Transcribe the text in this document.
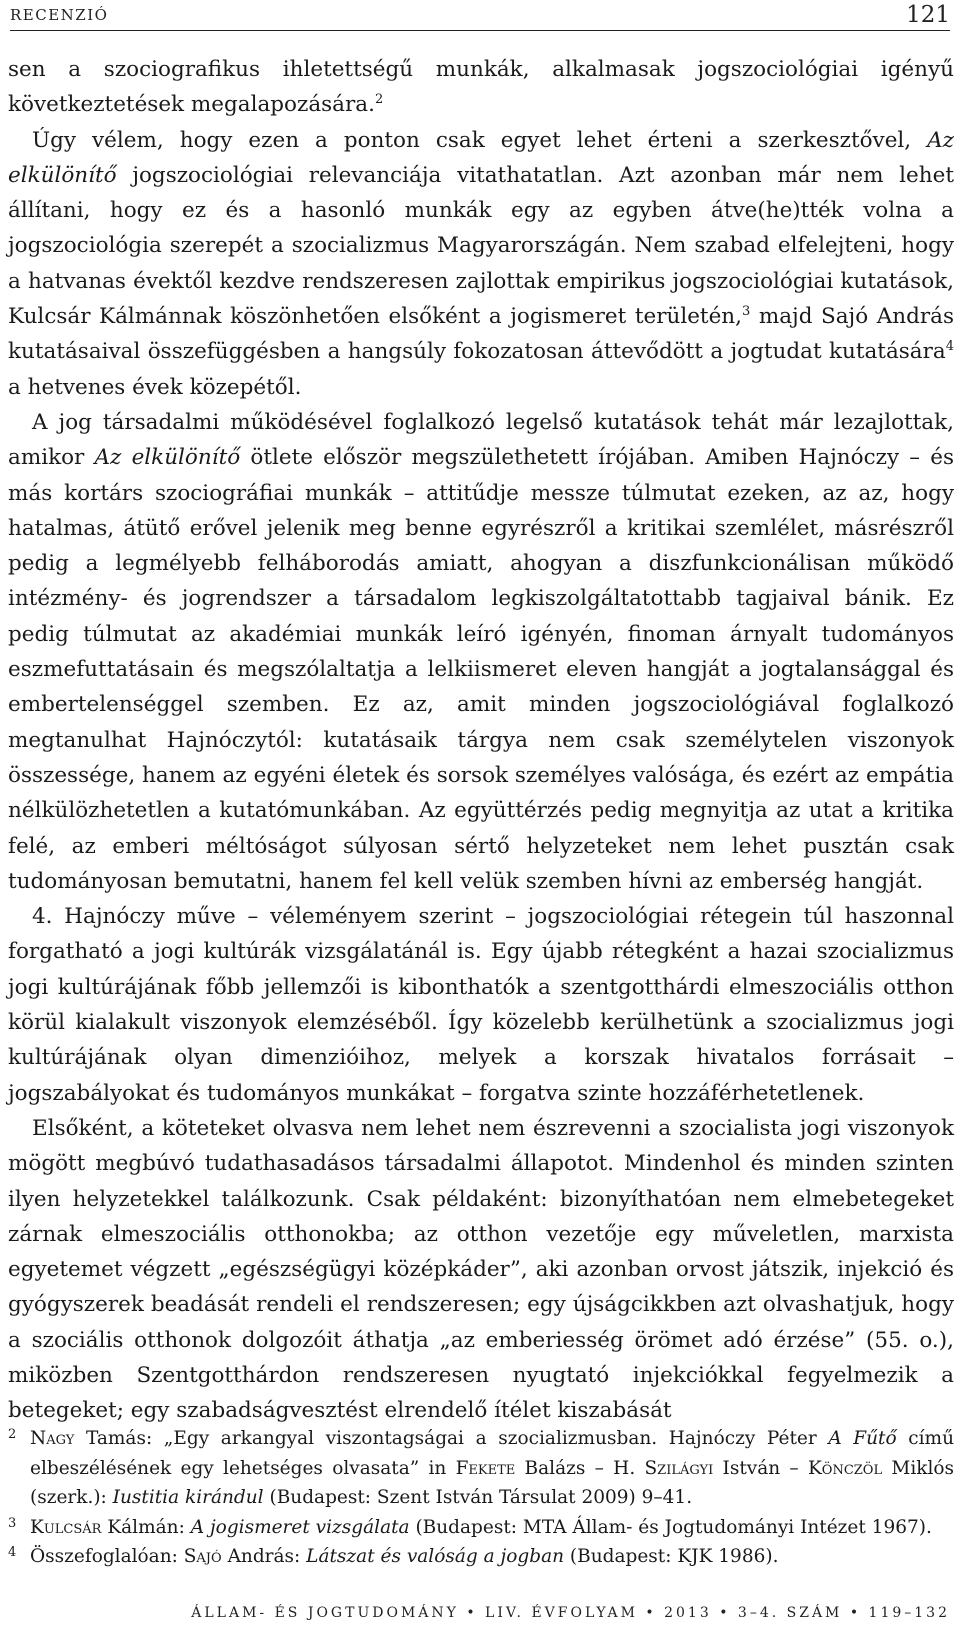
RECENZIÓ	121

sen a szociografikus ihletettségű munkák, alkalmasak jogszociológiai igényű következtetések megalapozására.$^2$

Úgy vélem, hogy ezen a ponton csak egyet lehet érteni a szerkesztővel, Az elkülönítő jogszociológiai relevanciája vitathatatlan. Azt azonban már nem lehet állítani, hogy ez és a hasonló munkák egy az egyben átve(he)tték volna a jogszociológia szerepét a szocializmus Magyarországán. Nem szabad elfelejteni, hogy a hatvanas évektől kezdve rendszeresen zajlottak empirikus jogszociológiai kutatások, Kulcsár Kálmánnak köszönhetően elsőként a jogismeret területén,$^3$ majd Sajó András kutatásaival összefüggésben a hangsúly fokozatosan áttevődött a jogtudat kutatására$^4$ a hetvenes évek közepétől.

A jog társadalmi működésével foglalkozó legelső kutatások tehát már lezajlottak, amikor Az elkülönítő ötlete először megszülethetett írójában. Amiben Hajnóczy – és más kortárs szociográfiai munkák – attitűdje messze túlmutat ezeken, az az, hogy hatalmas, átütő erővel jelenik meg benne egyrészről a kritikai szemlélet, másrészről pedig a legmélyebb felháborodás amiatt, ahogyan a diszfunkcionálisan működő intézmény- és jogrendszer a társadalom legkiszolgáltatottabb tagjaival bánik. Ez pedig túlmutat az akadémiai munkák leíró igényén, finoman árnyalt tudományos eszmefuttatásain és megszólaltatja a lelkiismeret eleven hangját a jogtalansággal és embertelenséggel szemben. Ez az, amit minden jogszociológiával foglalkozó megtanulhat Hajnóczytól: kutatásaik tárgya nem csak személytelen viszonyok összessége, hanem az egyéni életek és sorsok személyes valósága, és ezért az empátia nélkülözhetetlen a kutatómunkában. Az együttérzés pedig megnyitja az utat a kritika felé, az emberi méltóságot súlyosan sértő helyzeteket nem lehet pusztán csak tudományosan bemutatni, hanem fel kell velük szemben hívni az emberség hangját.

4. Hajnóczy műve – véleményem szerint – jogszociológiai rétegein túl haszonnal forgatható a jogi kultúrák vizsgálatánál is. Egy újabb rétegként a hazai szocializmus jogi kultúrájának főbb jellemzői is kibonthatók a szentgotthárdi elmeszociális otthon körül kialakult viszonyok elemzéséből. Így közelebb kerülhetünk a szocializmus jogi kultúrájának olyan dimenzióihoz, melyek a korszak hivatalos forrásait – jogszabályokat és tudományos munkákat – forgatva szinte hozzáférhetetlenek.

Elsőként, a köteteket olvasva nem lehet nem észrevenni a szocialista jogi viszonyok mögött megbúvó tudathasadásos társadalmi állapotot. Mindenhol és minden szinten ilyen helyzetekkel találkozunk. Csak példaként: bizonyíthatóan nem elmebetegeket zárnak elmeszociális otthonokba; az otthon vezetője egy műveletlen, marxista egyetemet végzett „egészségügyi középkáder”, aki azonban orvost játszik, injekció és gyógyszerek beadását rendeli el rendszeresen; egy újságcikkben azt olvashatjuk, hogy a szociális otthonok dolgozóit áthatja „az emberiesség örömet adó érzése” (55. o.), miközben Szentgotthárdon rendszeresen nyugtató injekciókkal fegyelmezik a betegeket; egy szabadságvesztést elrendelő ítélet kiszabását

2 Nagy Tamás: „Egy arkangyal viszontagságai a szocializmusban. Hajnóczy Péter A Fűtő című elbeszélésének egy lehetséges olvasata” in Fekete Balázs – H. Szilágyi István – Könczöl Miklós (szerk.): Iustitia kirándul (Budapest: Szent István Társulat 2009) 9–41.

3 Kulcsár Kálmán: A jogismeret vizsgálata (Budapest: MTA Állam- és Jogtudományi Intézet 1967).

4 Összefoglalóan: Sajó András: Látszat és valóság a jogban (Budapest: KJK 1986).

ÁLLAM- ÉS JOGTUDOMÁNY • LIV. ÉVFOLYAM • 2013 • 3–4. SZÁM • 119–132
